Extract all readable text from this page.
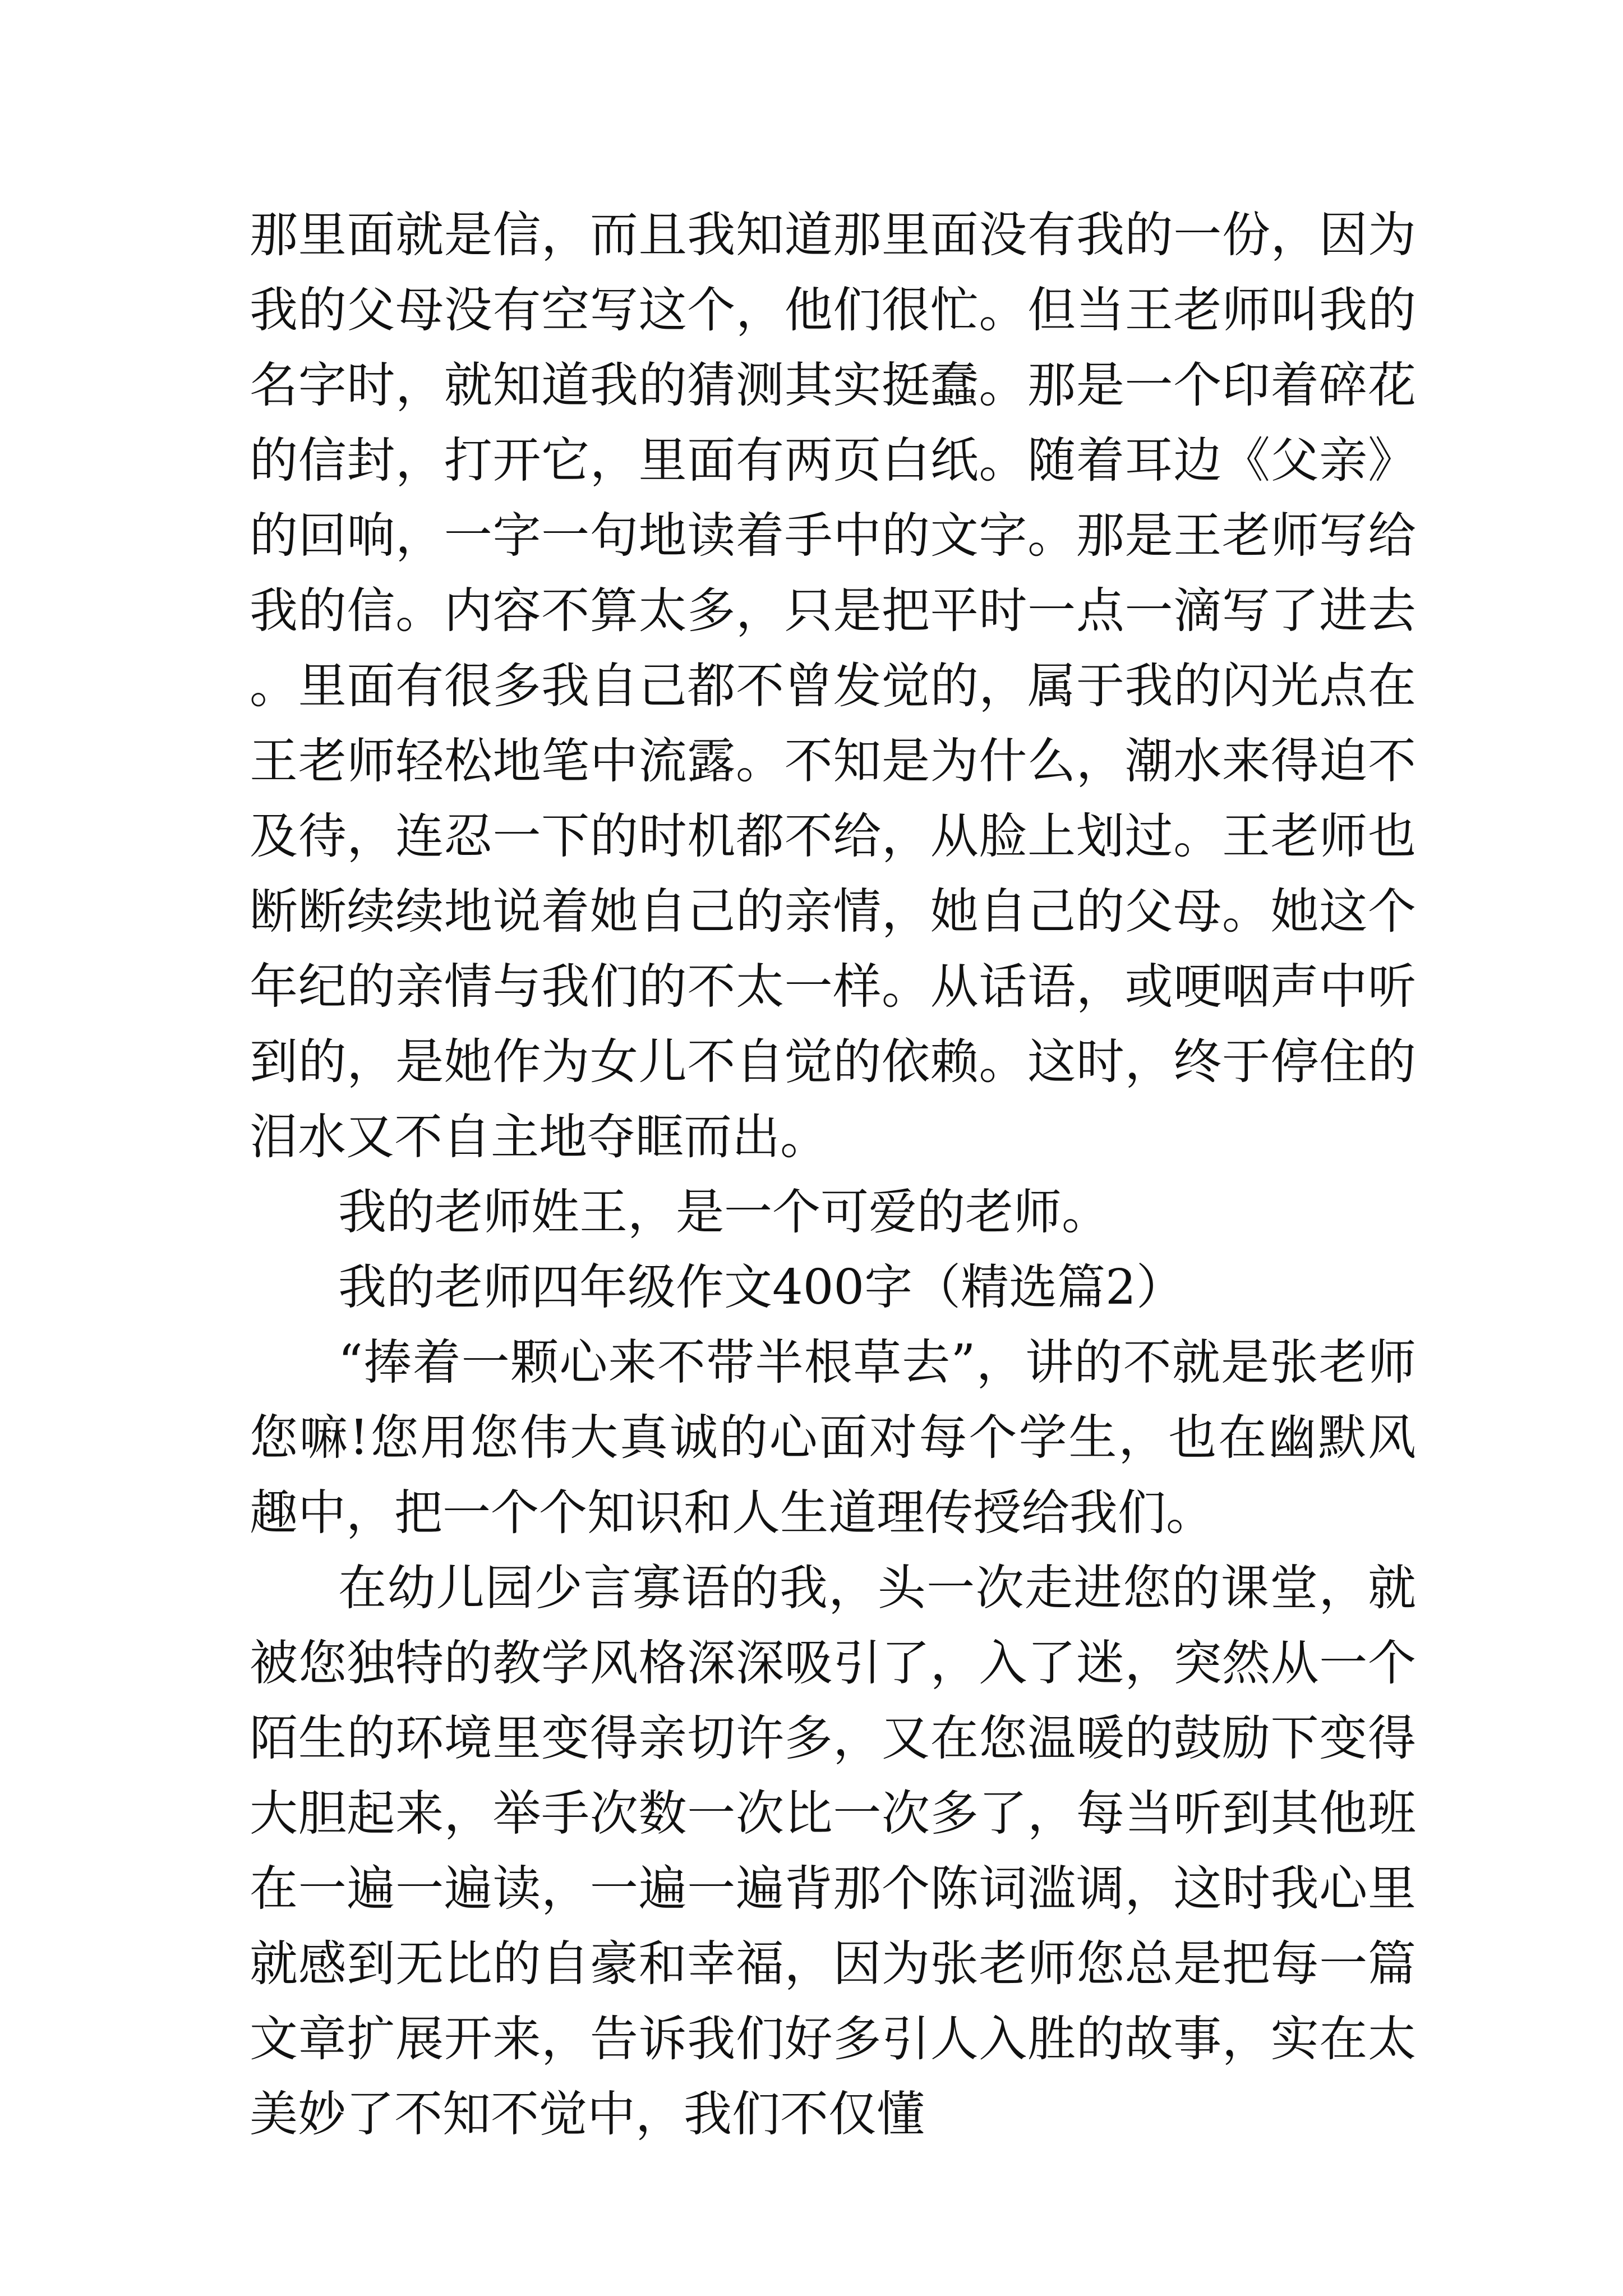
那里面就是信，而且我知道那里面没有我的一份，因为我的父母没有空写这个，他们很忙。但当王老师叫我的名字时，就知道我的猜测其实挺蠢。那是一个印着碎花的信封，打开它，里面有两页白纸。随着耳边《父亲》的回响，一字一句地读着手中的文字。那是王老师写给我的信。内容不算太多，只是把平时一点一滴写了进去。里面有很多我自己都不曾发觉的，属于我的闪光点在王老师轻松地笔中流露。不知是为什么，潮水来得迫不及待，连忍一下的时机都不给，从脸上划过。王老师也断断续续地说着她自己的亲情，她自己的父母。她这个年纪的亲情与我们的不太一样。从话语，或哽咽声中听到的，是她作为女儿不自觉的依赖。这时，终于停住的泪水又不自主地夺眶而出。

我的老师姓王，是一个可爱的老师。

我的老师四年级作文400字（精选篇2）

“捧着一颗心来不带半根草去”，讲的不就是张老师您嘛!您用您伟大真诚的心面对每个学生，也在幽默风趣中，把一个个知识和人生道理传授给我们。

在幼儿园少言寡语的我，头一次走进您的课堂，就被您独特的教学风格深深吸引了，入了迷，突然从一个陌生的环境里变得亲切许多，又在您温暖的鼓励下变得大胆起来，举手次数一次比一次多了，每当听到其他班在一遍一遍读，一遍一遍背那个陈词滥调，这时我心里就感到无比的自豪和幸福，因为张老师您总是把每一篇文章扩展开来，告诉我们好多引人入胜的故事，实在太美妙了不知不觉中，我们不仅懂
